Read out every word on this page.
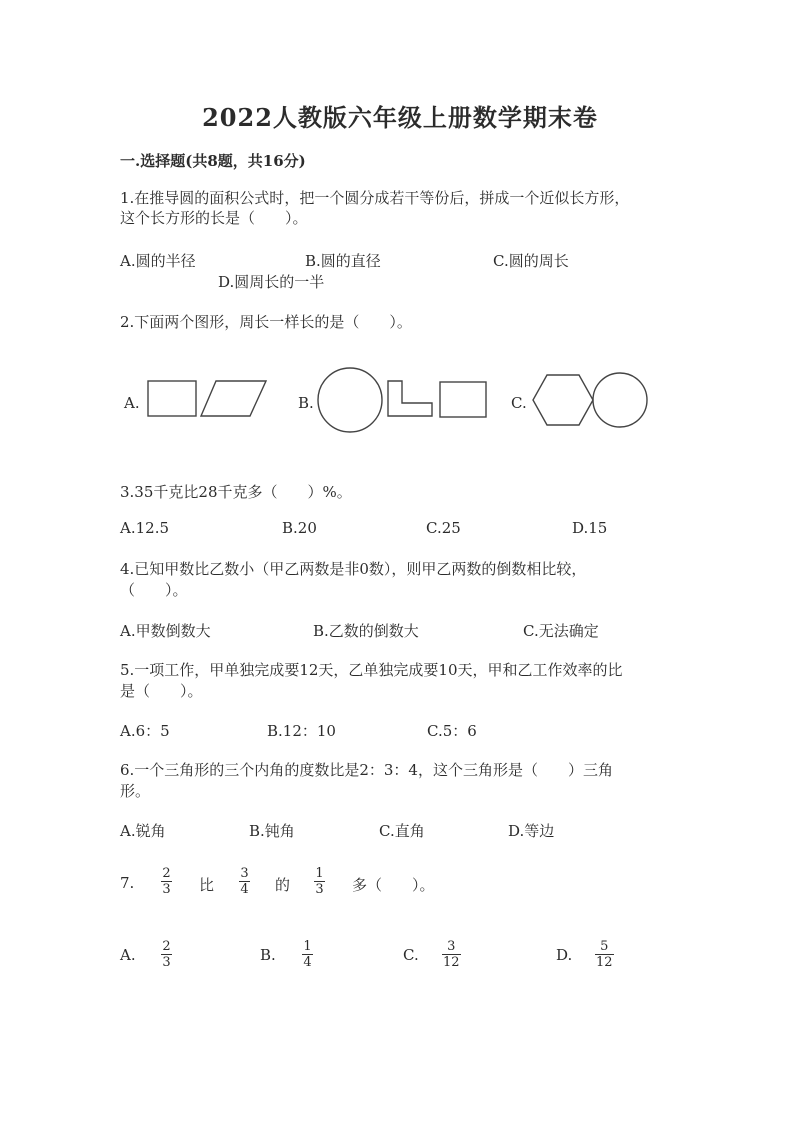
2022人教版六年级上册数学期末卷
一.选择题(共8题，共16分)
1.在推导圆的面积公式时，把一个圆分成若干等份后，拼成一个近似长方形，
这个长方形的长是（　　）。
A.圆的半径	B.圆的直径	C.圆的周长
D.圆周长的一半
2.下面两个图形，周长一样长的是（　　）。
A.	B.	C.
3.35千克比28千克多（　　）%。
A.12.5	B.20	C.25	D.15
4.已知甲数比乙数小（甲乙两数是非0数），则甲乙两数的倒数相比较，
（　　）。
A.甲数倒数大	B.乙数的倒数大	C.无法确定
5.一项工作，甲单独完成要12天，乙单独完成要10天，甲和乙工作效率的比
是（　　）。
A.6：5	B.12：10	C.5：6
6.一个三角形的三个内角的度数比是2：3：4，这个三角形是（　　）三角
形。
A.锐角	B.钝角	C.直角	D.等边
7.
2
3 比
3
4 的
1
3 多（　　）。
A. 2
3	B. 1
4	C. 3
12	D. 5
12
